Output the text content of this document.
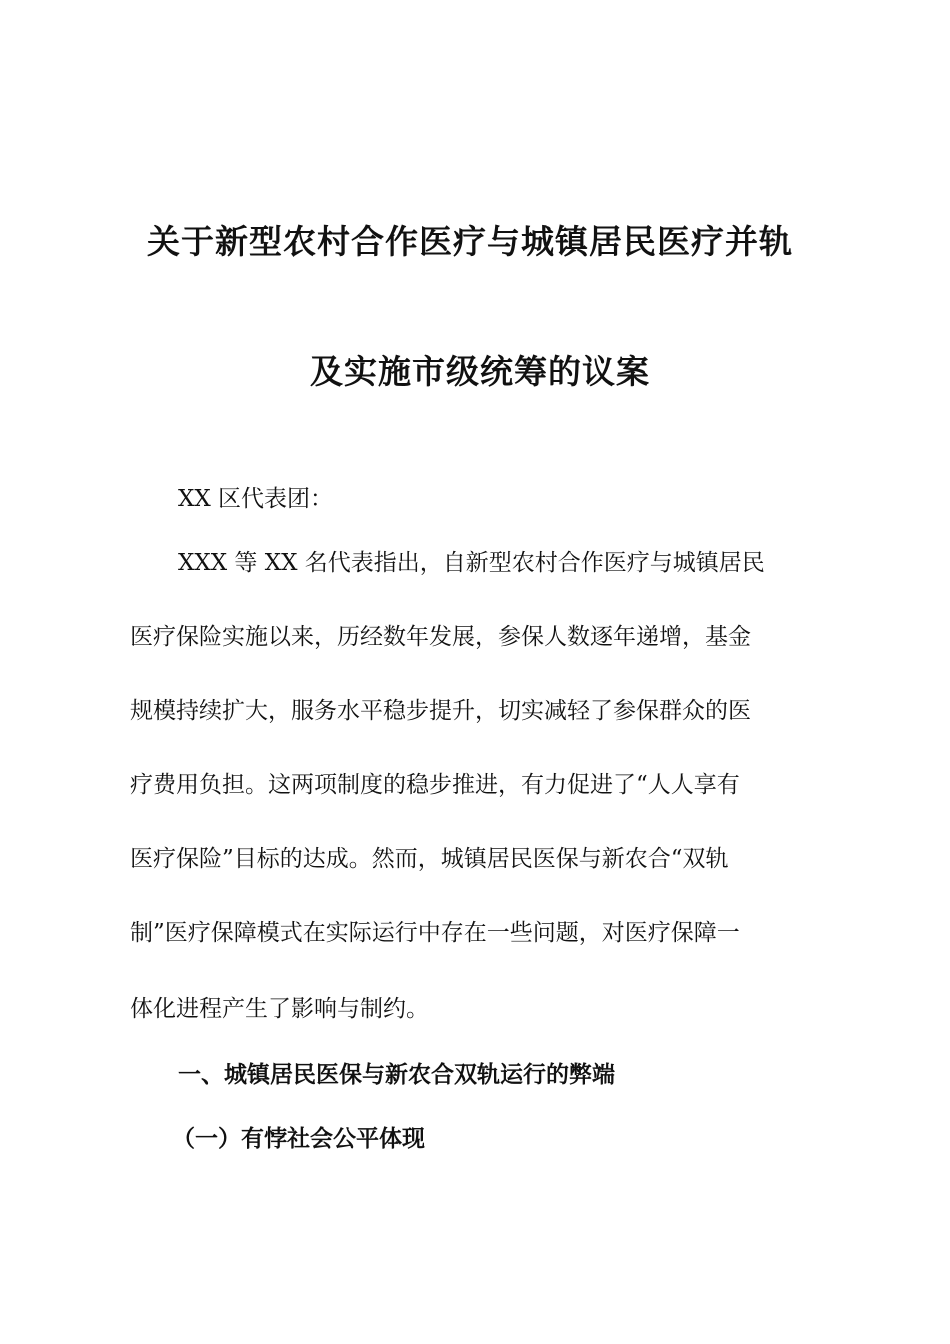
关于新型农村合作医疗与城镇居民医疗并轨
及实施市级统筹的议案
XX 区代表团：
XXX 等 XX 名代表指出，自新型农村合作医疗与城镇居民
医疗保险实施以来，历经数年发展，参保人数逐年递增，基金
规模持续扩大，服务水平稳步提升，切实减轻了参保群众的医
疗费用负担。这两项制度的稳步推进，有力促进了“人人享有
医疗保险”目标的达成。然而，城镇居民医保与新农合“双轨
制”医疗保障模式在实际运行中存在一些问题，对医疗保障一
体化进程产生了影响与制约。
一、城镇居民医保与新农合双轨运行的弊端
（一）有悖社会公平体现
